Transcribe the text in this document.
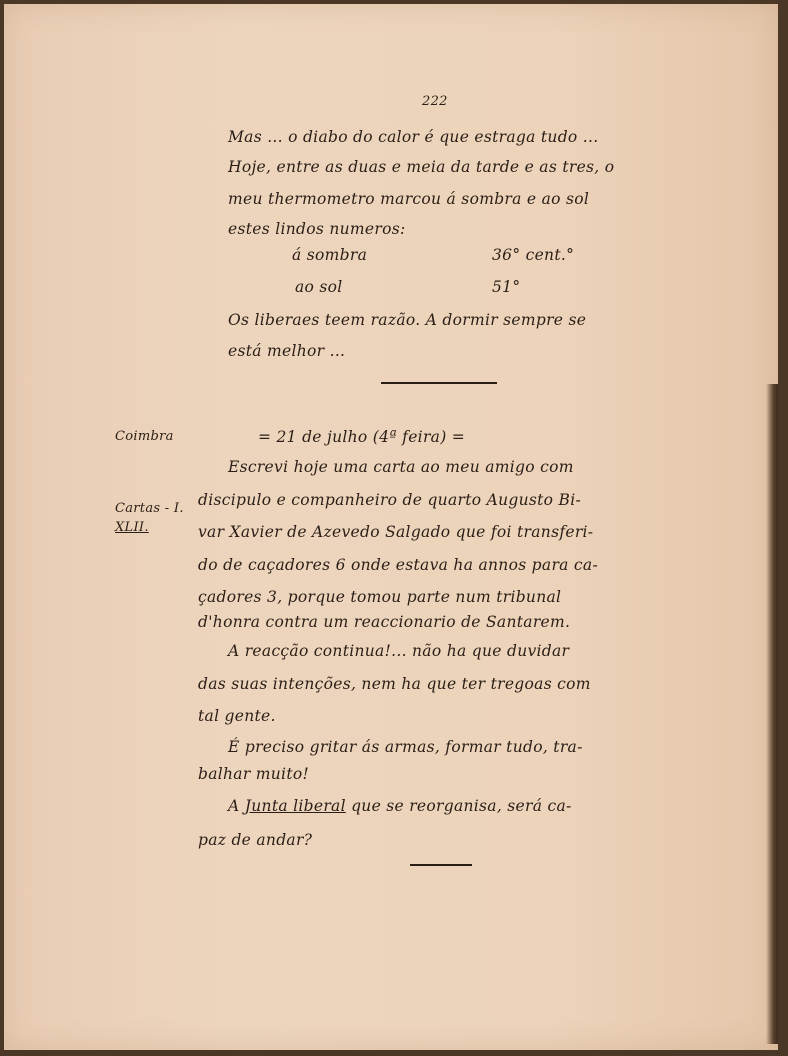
222
Mas ... o diabo do calor é que estraga tudo ...
Hoje, entre as duas e meia da tarde e as tres, o
meu thermometro marcou á sombra e ao sol
estes lindos numeros:
á sombra	36° cent.°
ao sol	51°
Os liberaes teem razão. A dormir sempre se
está melhor ...
Coimbra	= 21 de julho (4ª feira) =
Cartas - I.
XLII.
Escrevi hoje uma carta ao meu amigo com
discipulo e companheiro de quarto Augusto Bi-
var Xavier de Azevedo Salgado que foi transferi-
do de caçadores 6 onde estava ha annos para ca-
çadores 3, porque tomou parte num tribunal
d'honra contra um reaccionario de Santarem.
A reacção continua!... não ha que duvidar
das suas intenções, nem ha que ter tregoas com
tal gente.
É preciso gritar ás armas, formar tudo, tra-
balhar muito!
A Junta liberal que se reorganisa, será ca-
paz de andar?
